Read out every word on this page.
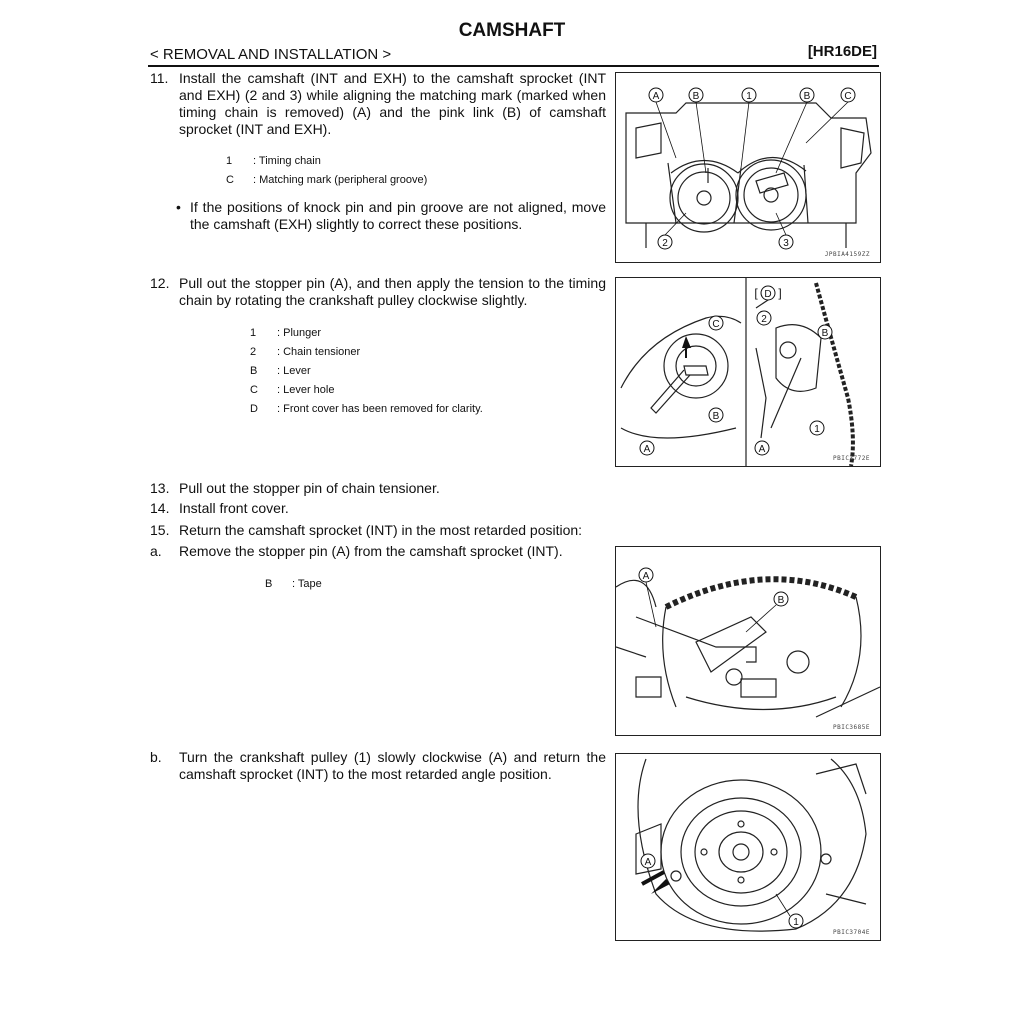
CAMSHAFT
< REMOVAL AND INSTALLATION >	[HR16DE]
11. Install the camshaft (INT and EXH) to the camshaft sprocket (INT and EXH) (2 and 3) while aligning the matching mark (marked when timing chain is removed) (A) and the pink link (B) of camshaft sprocket (INT and EXH).
1 : Timing chain
C : Matching mark (peripheral groove)
• If the positions of knock pin and pin groove are not aligned, move the camshaft (EXH) slightly to correct these positions.
A	B	1	B	C
2	3
JPBIA4159ZZ
12. Pull out the stopper pin (A), and then apply the tension to the timing chain by rotating the crankshaft pulley clockwise slightly.
1 : Plunger
2 : Chain tensioner
B : Lever
C : Lever hole
D : Front cover has been removed for clarity.
C
B
A
[ D ]
2
B
1
A
PBIC3772E
13. Pull out the stopper pin of chain tensioner.
14. Install front cover.
15. Return the camshaft sprocket (INT) in the most retarded position:
a. Remove the stopper pin (A) from the camshaft sprocket (INT).
B : Tape
A
B
PBIC3685E
b. Turn the crankshaft pulley (1) slowly clockwise (A) and return the camshaft sprocket (INT) to the most retarded angle position.
A
1
PBIC3704E
